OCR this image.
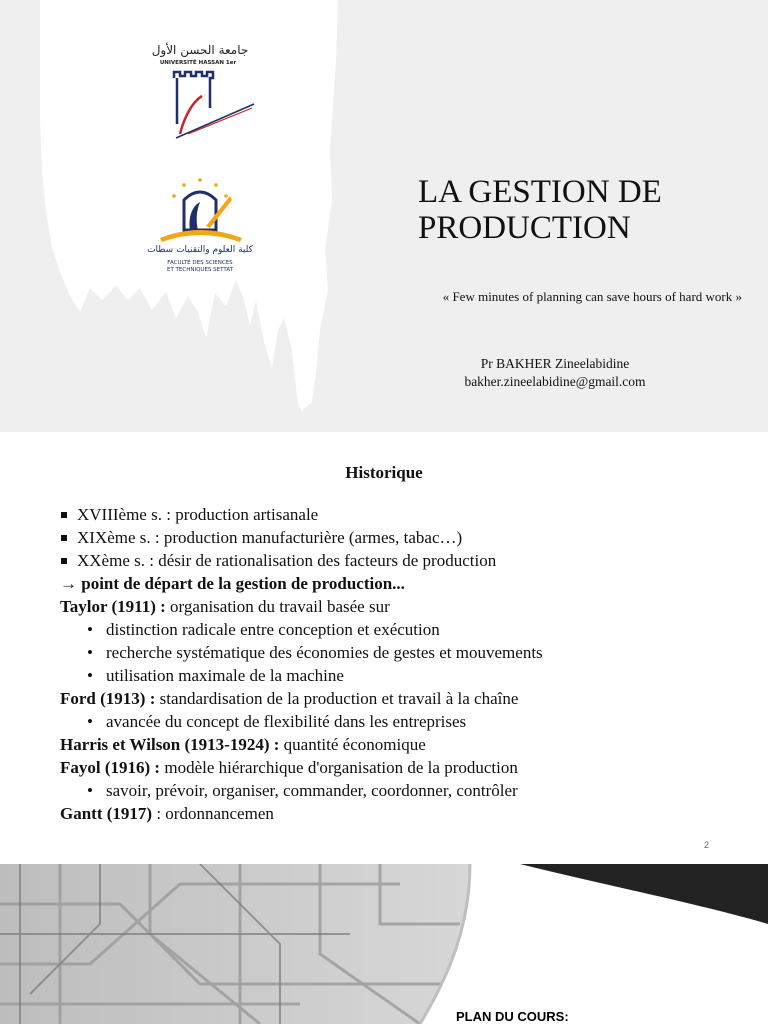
جامعة الحسن الأول
UNIVERSITÉ HASSAN 1er
كلية العلوم والتقنيات سطات
FACULTÉ DES SCIENCES
ET TECHNIQUES SETTAT
LA GESTION DE
PRODUCTION
« Few minutes of planning can save hours of hard work »
Pr BAKHER Zineelabidine
bakher.zineelabidine@gmail.com
Historique
XVIIIème s. : production artisanale
XIXème s. : production manufacturière (armes, tabac…)
XXème s. : désir de rationalisation des facteurs de production
→ point de départ de la gestion de production...
Taylor (1911) : organisation du travail basée sur
• distinction radicale entre conception et exécution
• recherche systématique des économies de gestes et mouvements
• utilisation maximale de la machine
Ford (1913) : standardisation de la production et travail à la chaîne
• avancée du concept de flexibilité dans les entreprises
Harris et Wilson (1913-1924) : quantité économique
Fayol (1916) : modèle hiérarchique d'organisation de la production
• savoir, prévoir, organiser, commander, coordonner, contrôler
Gantt (1917) : ordonnancemen
2
PLAN DU COURS:
